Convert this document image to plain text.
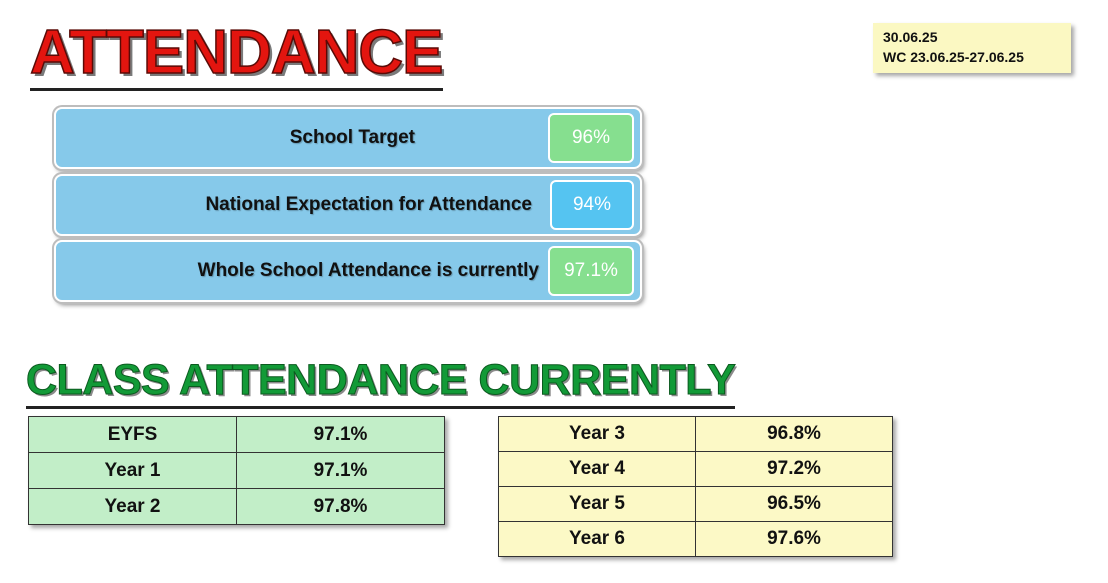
ATTENDANCE	30.06.25
WC 23.06.25-27.06.25
School Target	96%
National Expectation for Attendance	94%
Whole School Attendance is currently	97.1%
CLASS ATTENDANCE CURRENTLY
EYFS	97.1%
Year 1	97.1%
Year 2	97.8%
Year 3	96.8%
Year 4	97.2%
Year 5	96.5%
Year 6	97.6%
